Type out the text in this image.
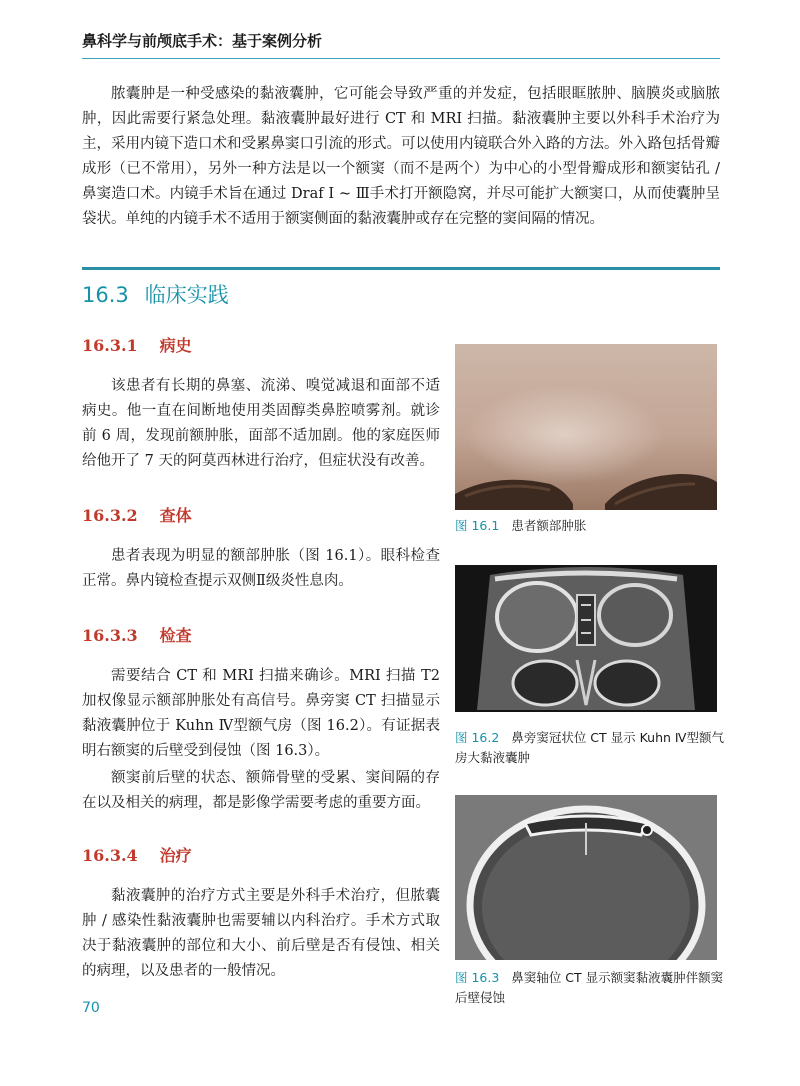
鼻科学与前颅底手术：基于案例分析

脓囊肿是一种受感染的黏液囊肿，它可能会导致严重的并发症，包括眼眶脓肿、脑膜炎或脑脓肿，因此需要行紧急处理。黏液囊肿最好进行 CT 和 MRI 扫描。黏液囊肿主要以外科手术治疗为主，采用内镜下造口术和受累鼻窦口引流的形式。可以使用内镜联合外入路的方法。外入路包括骨瓣成形（已不常用），另外一种方法是以一个额窦（而不是两个）为中心的小型骨瓣成形和额窦钻孔 / 鼻窦造口术。内镜手术旨在通过 Draf Ⅰ ~ Ⅲ手术打开额隐窝，并尽可能扩大额窦口，从而使囊肿呈袋状。单纯的内镜手术不适用于额窦侧面的黏液囊肿或存在完整的窦间隔的情况。

16.3 临床实践
16.3.1 病史

该患者有长期的鼻塞、流涕、嗅觉减退和面部不适病史。他一直在间断地使用类固醇类鼻腔喷雾剂。就诊前 6 周，发现前额肿胀，面部不适加剧。他的家庭医师给他开了 7 天的阿莫西林进行治疗，但症状没有改善。

16.3.2 查体

患者表现为明显的额部肿胀（图 16.1）。眼科检查正常。鼻内镜检查提示双侧Ⅱ级炎性息肉。

16.3.3 检查

需要结合 CT 和 MRI 扫描来确诊。MRI 扫描 T2 加权像显示额部肿胀处有高信号。鼻旁窦 CT 扫描显示黏液囊肿位于 Kuhn Ⅳ型额气房（图 16.2）。有证据表明右额窦的后壁受到侵蚀（图 16.3）。

额窦前后壁的状态、额筛骨壁的受累、窦间隔的存在以及相关的病理，都是影像学需要考虑的重要方面。

16.3.4 治疗

黏液囊肿的治疗方式主要是外科手术治疗，但脓囊肿 / 感染性黏液囊肿也需要辅以内科治疗。手术方式取决于黏液囊肿的部位和大小、前后壁是否有侵蚀、相关的病理，以及患者的一般情况。

图 16.1 患者额部肿胀
图 16.2 鼻旁窦冠状位 CT 显示 Kuhn Ⅳ型额气房大黏液囊肿
图 16.3 鼻窦轴位 CT 显示额窦黏液囊肿伴额窦后壁侵蚀
70
